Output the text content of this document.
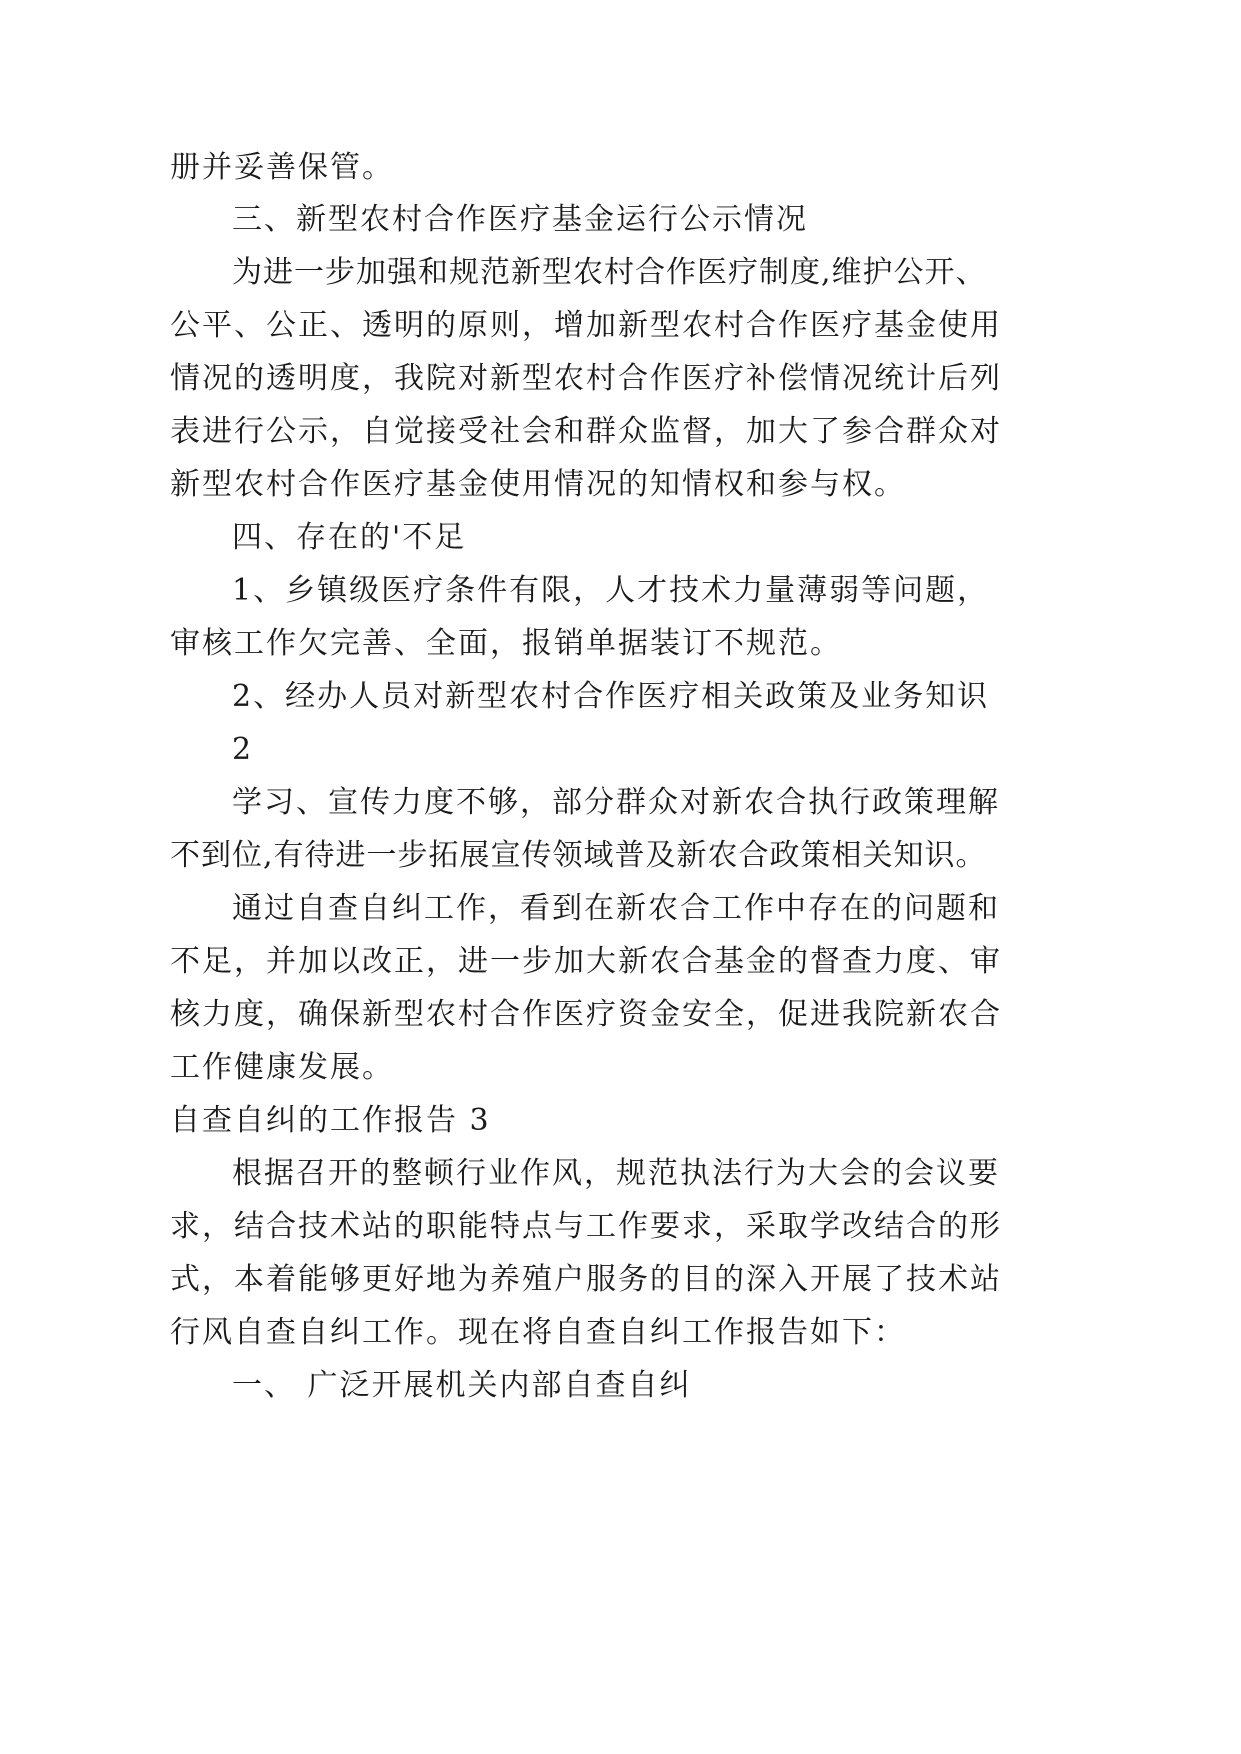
册并妥善保管。
三、新型农村合作医疗基金运行公示情况
为进一步加强和规范新型农村合作医疗制度,维护公开、
公平、公正、透明的原则，增加新型农村合作医疗基金使用
情况的透明度，我院对新型农村合作医疗补偿情况统计后列
表进行公示，自觉接受社会和群众监督，加大了参合群众对
新型农村合作医疗基金使用情况的知情权和参与权。
四、存在的'不足
1、乡镇级医疗条件有限，人才技术力量薄弱等问题，
审核工作欠完善、全面，报销单据装订不规范。
2、经办人员对新型农村合作医疗相关政策及业务知识
2
学习、宣传力度不够，部分群众对新农合执行政策理解
不到位,有待进一步拓展宣传领域普及新农合政策相关知识。
通过自查自纠工作，看到在新农合工作中存在的问题和
不足，并加以改正，进一步加大新农合基金的督查力度、审
核力度，确保新型农村合作医疗资金安全，促进我院新农合
工作健康发展。
自查自纠的工作报告 3
根据召开的整顿行业作风，规范执法行为大会的会议要
求，结合技术站的职能特点与工作要求，采取学改结合的形
式，本着能够更好地为养殖户服务的目的深入开展了技术站
行风自查自纠工作。现在将自查自纠工作报告如下：
一、 广泛开展机关内部自查自纠
